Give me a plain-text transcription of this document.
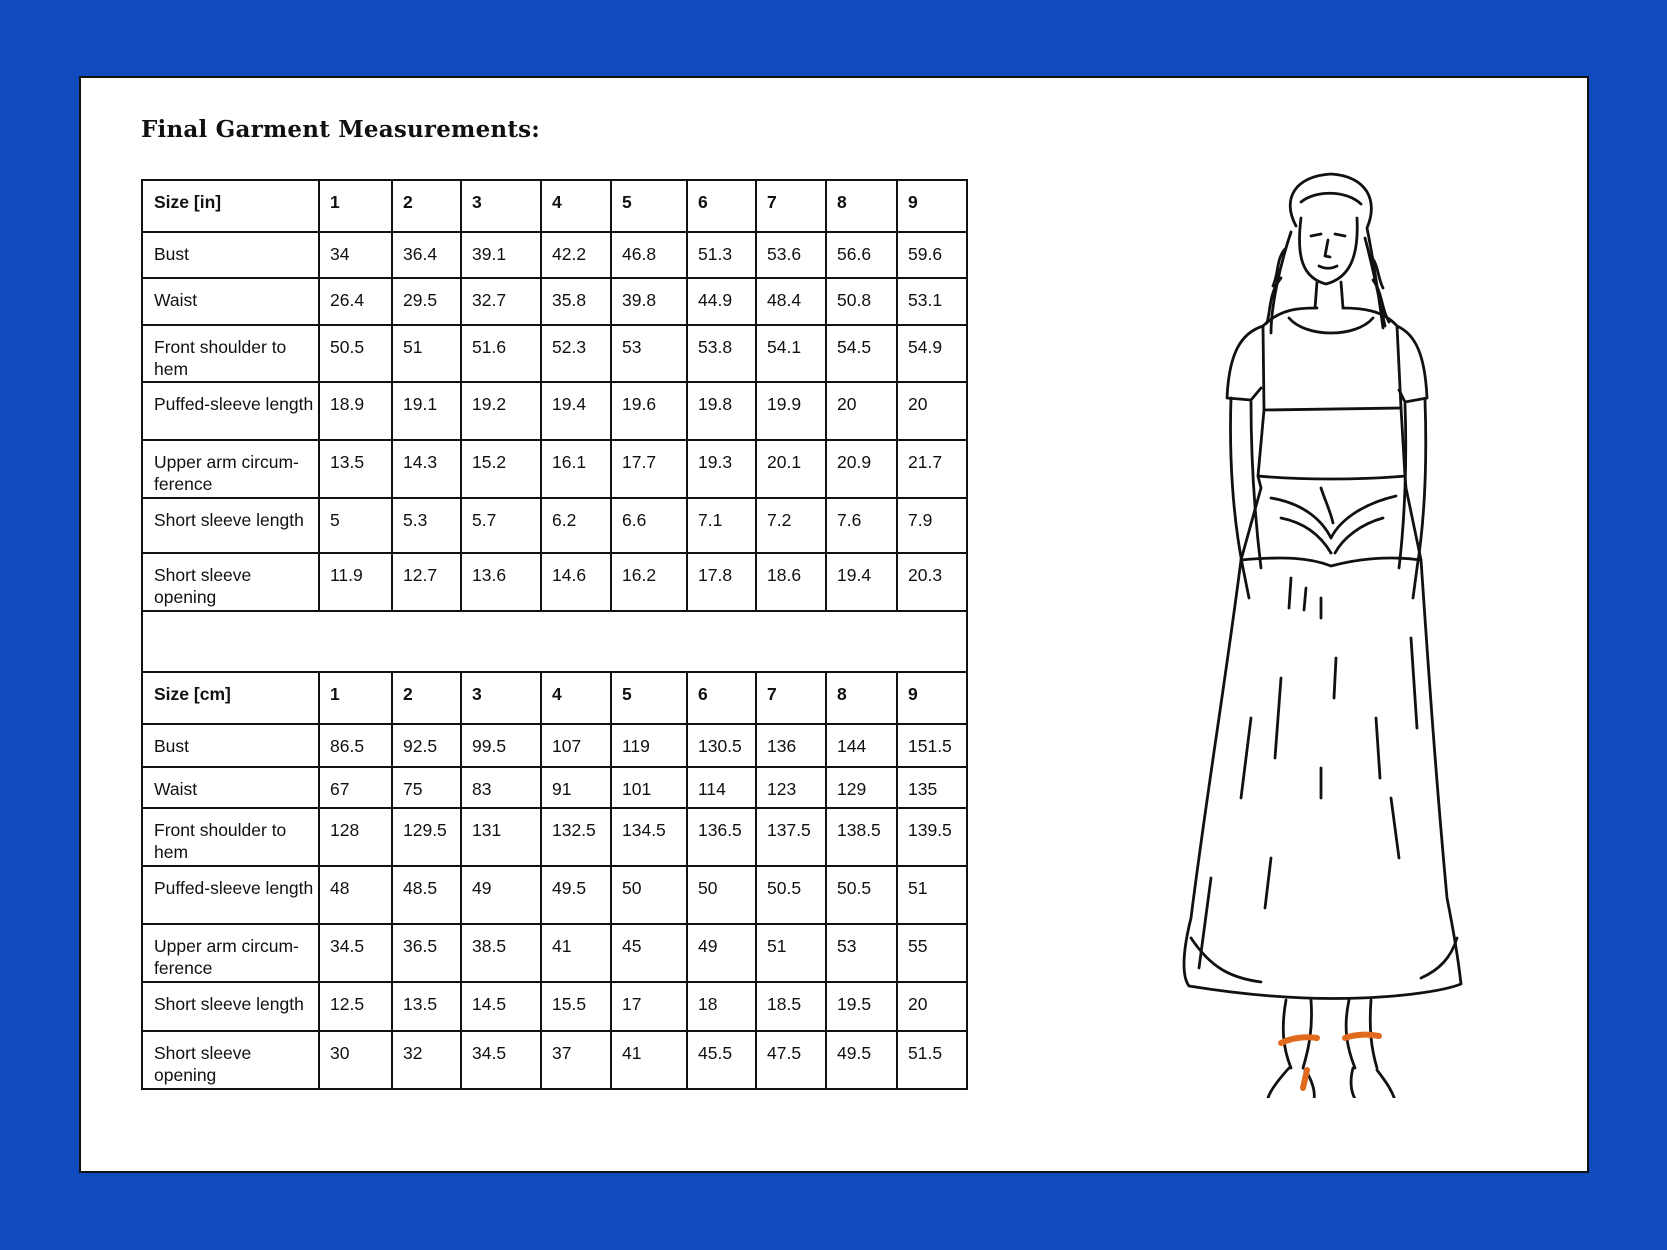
Final Garment Measurements:
Size [in]	1	2	3	4	5	6	7	8	9
Bust	34	36.4	39.1	42.2	46.8	51.3	53.6	56.6	59.6
Waist	26.4	29.5	32.7	35.8	39.8	44.9	48.4	50.8	53.1
Front shoulder to hem	50.5	51	51.6	52.3	53	53.8	54.1	54.5	54.9
Puffed-sleeve length	18.9	19.1	19.2	19.4	19.6	19.8	19.9	20	20
Upper arm circum-ference	13.5	14.3	15.2	16.1	17.7	19.3	20.1	20.9	21.7
Short sleeve length	5	5.3	5.7	6.2	6.6	7.1	7.2	7.6	7.9
Short sleeve opening	11.9	12.7	13.6	14.6	16.2	17.8	18.6	19.4	20.3

Size [cm]	1	2	3	4	5	6	7	8	9
Bust	86.5	92.5	99.5	107	119	130.5	136	144	151.5
Waist	67	75	83	91	101	114	123	129	135
Front shoulder to hem	128	129.5	131	132.5	134.5	136.5	137.5	138.5	139.5
Puffed-sleeve length	48	48.5	49	49.5	50	50	50.5	50.5	51
Upper arm circum-ference	34.5	36.5	38.5	41	45	49	51	53	55
Short sleeve length	12.5	13.5	14.5	15.5	17	18	18.5	19.5	20
Short sleeve opening	30	32	34.5	37	41	45.5	47.5	49.5	51.5
